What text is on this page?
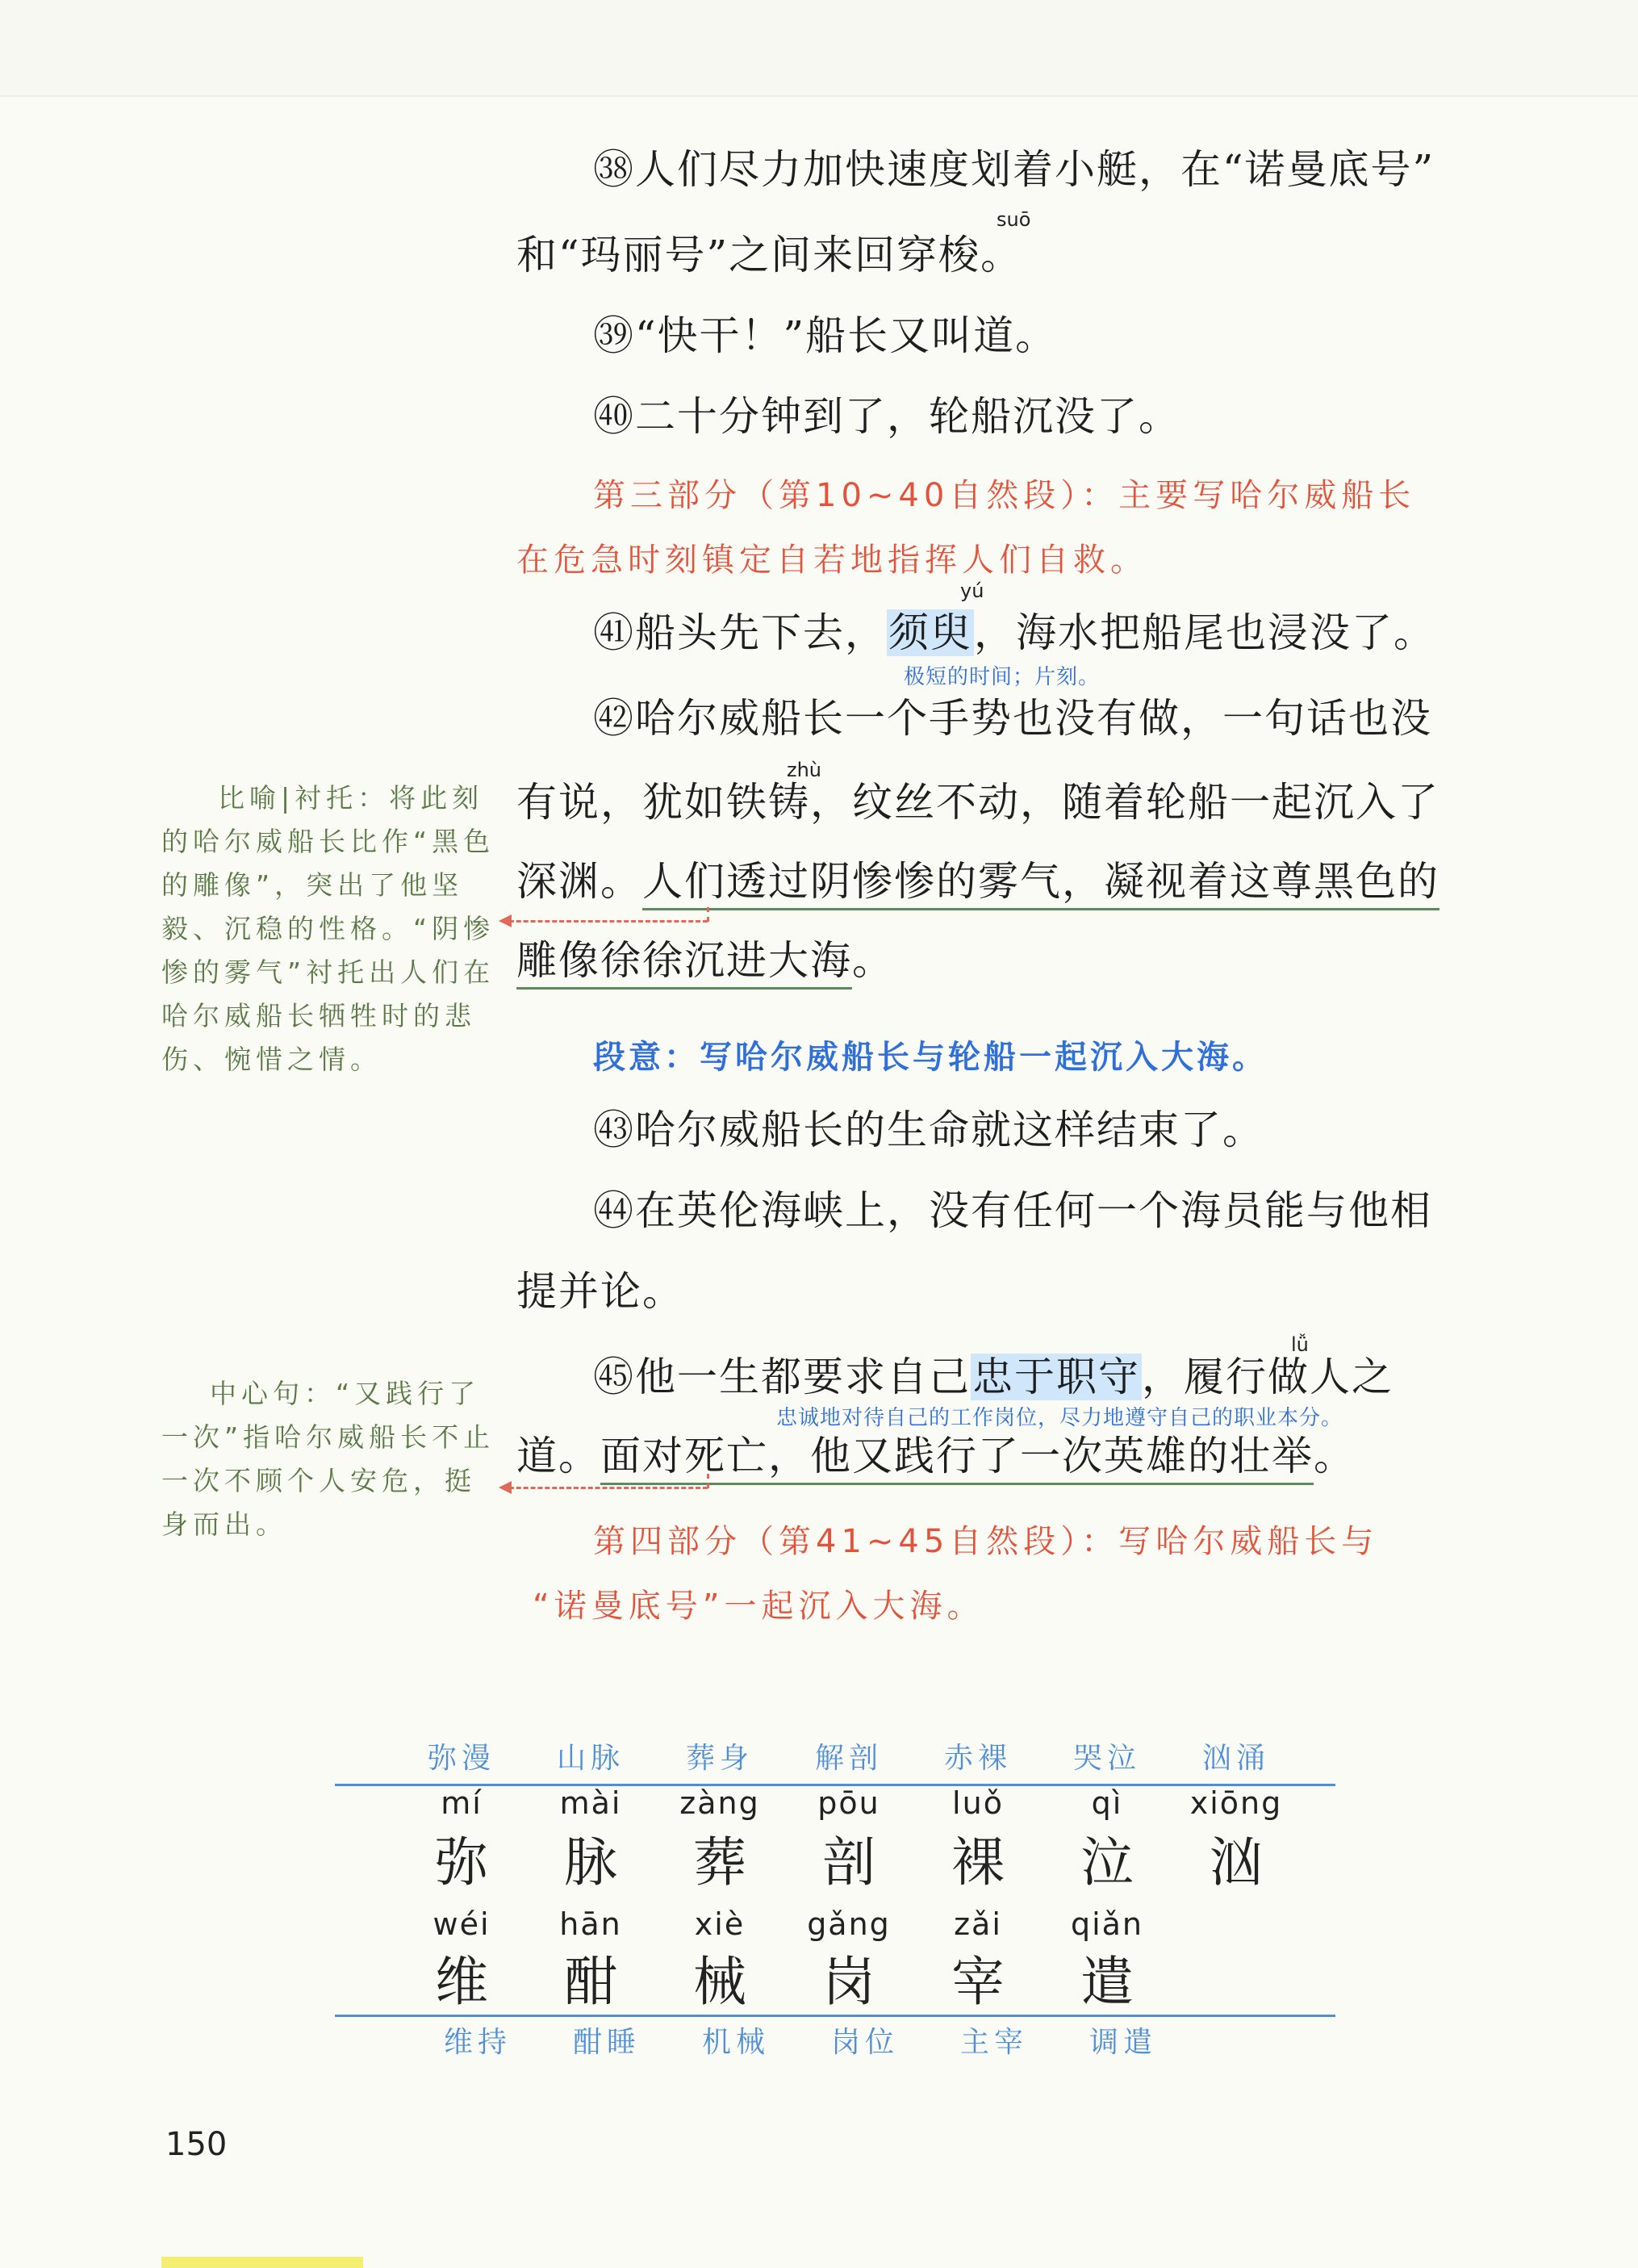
㊳人们尽力加快速度划着小艇，在“诺曼底号”
suō
和“玛丽号”之间来回穿梭。
㊴“快干！”船长又叫道。
㊵二十分钟到了，轮船沉没了。
第三部分（第10~40自然段）：主要写哈尔威船长
在危急时刻镇定自若地指挥人们自救。
yú
㊶船头先下去，须臾，海水把船尾也浸没了。
极短的时间；片刻。
㊷哈尔威船长一个手势也没有做，一句话也没
zhù
有说，犹如铁铸，纹丝不动，随着轮船一起沉入了
深渊。人们透过阴惨惨的雾气，凝视着这尊黑色的
雕像徐徐沉进大海。
段意：写哈尔威船长与轮船一起沉入大海。
㊸哈尔威船长的生命就这样结束了。
㊹在英伦海峡上，没有任何一个海员能与他相
提并论。
lǚ
㊺他一生都要求自己忠于职守，履行做人之
忠诚地对待自己的工作岗位，尽力地遵守自己的职业本分。
道。面对死亡，他又践行了一次英雄的壮举。
第四部分（第41~45自然段）：写哈尔威船长与
“诺曼底号”一起沉入大海。
比喻|衬托：将此刻的哈尔威船长比作“黑色的雕像”，突出了他坚毅、沉稳的性格。“阴惨惨的雾气”衬托出人们在哈尔威船长牺牲时的悲伤、惋惜之情。
中心句：“又践行了一次”指哈尔威船长不止一次不顾个人安危，挺身而出。
弥漫	山脉	葬身	解剖	赤裸	哭泣	汹涌
mí	mài	zàng	pōu	luǒ	qì	xiōng
弥	脉	葬	剖	裸	泣	汹
wéi	hān	xiè	gǎng	zǎi	qiǎn
维	酣	械	岗	宰	遣
维持	酣睡	机械	岗位	主宰	调遣
150
